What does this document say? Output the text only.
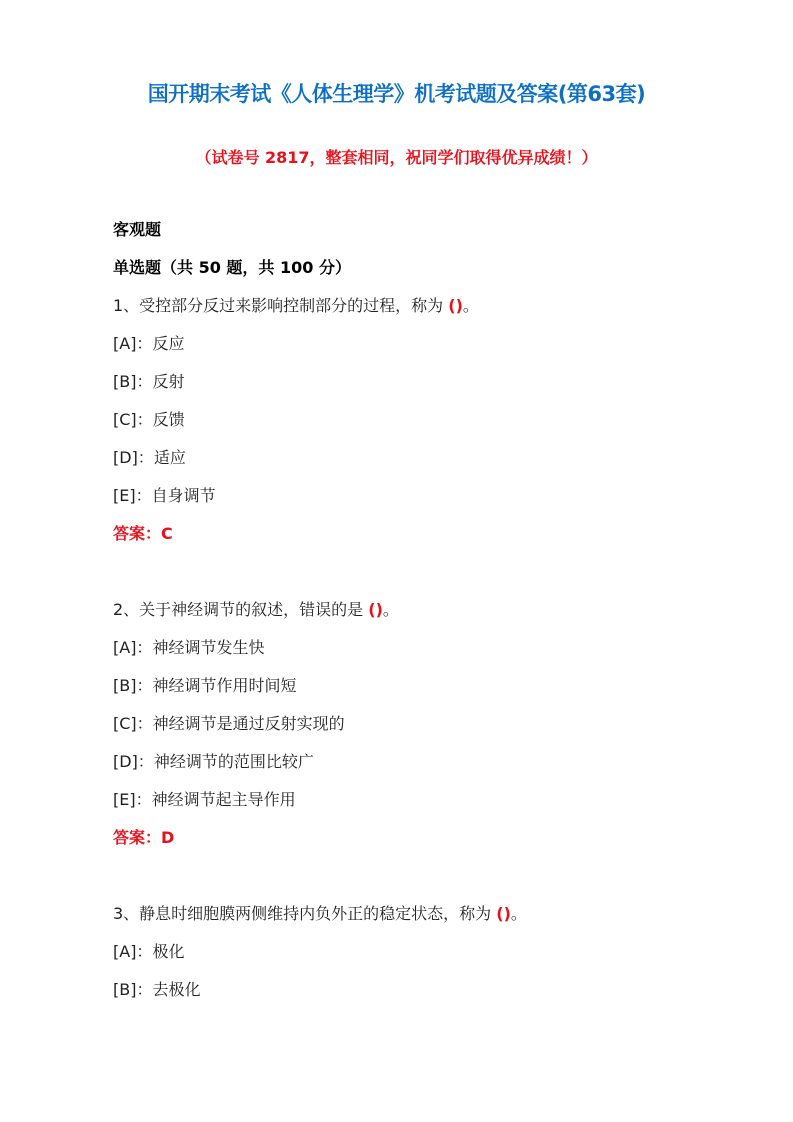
国开期末考试《人体生理学》机考试题及答案(第63套)
（试卷号 2817，整套相同，祝同学们取得优异成绩！）
客观题
单选题（共 50 题，共 100 分）
1、受控部分反过来影响控制部分的过程，称为 ()。
[A]：反应
[B]：反射
[C]：反馈
[D]：适应
[E]：自身调节
答案：C
2、关于神经调节的叙述，错误的是 ()。
[A]：神经调节发生快
[B]：神经调节作用时间短
[C]：神经调节是通过反射实现的
[D]：神经调节的范围比较广
[E]：神经调节起主导作用
答案：D
3、静息时细胞膜两侧维持内负外正的稳定状态，称为 ()。
[A]：极化
[B]：去极化
